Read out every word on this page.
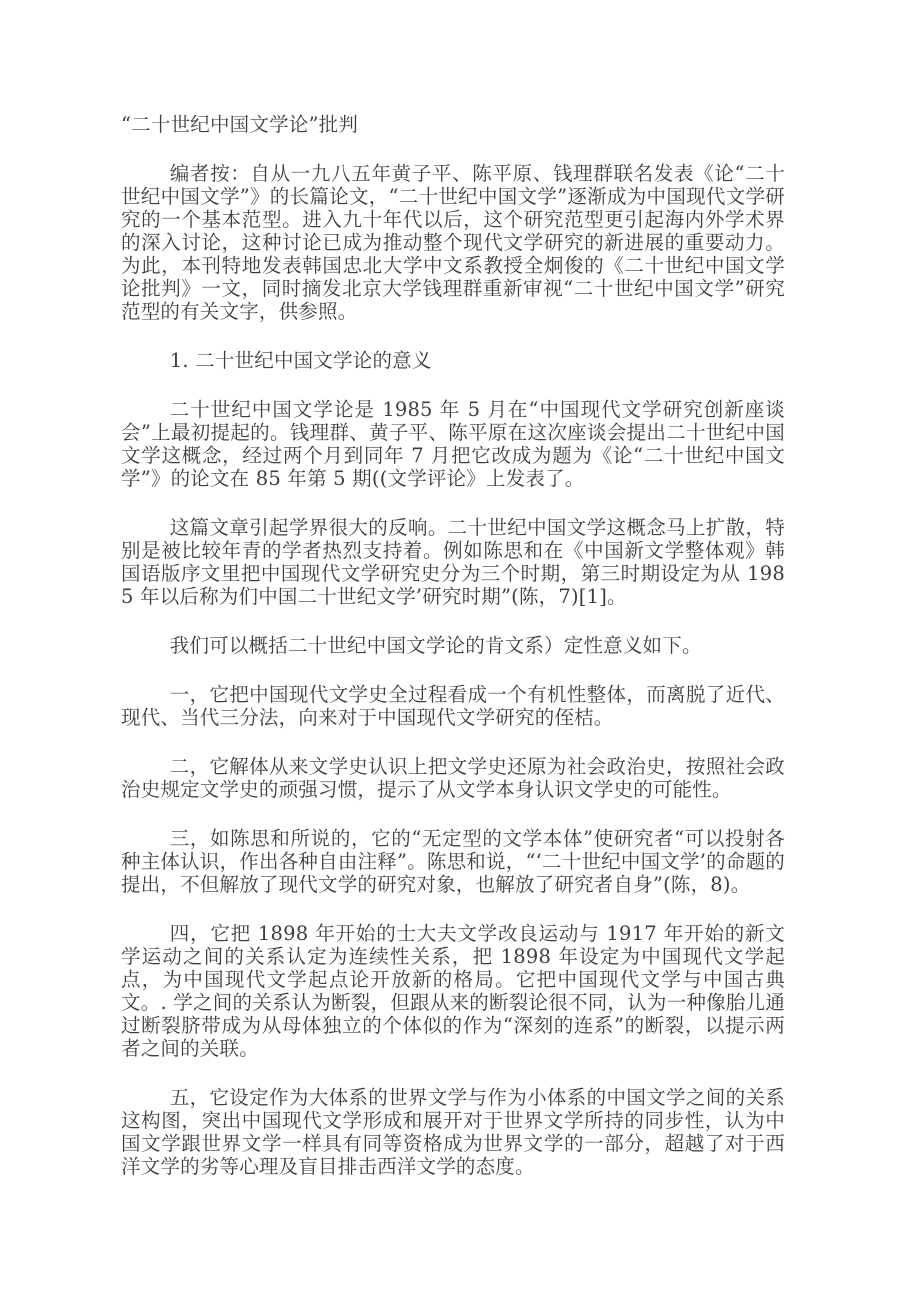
“二十世纪中国文学论”批判

编者按：自从一九八五年黄子平、陈平原、钱理群联名发表《论“二十世纪中国文学”》的长篇论文，“二十世纪中国文学”逐渐成为中国现代文学研究的一个基本范型。进入九十年代以后，这个研究范型更引起海内外学术界的深入讨论，这种讨论已成为推动整个现代文学研究的新进展的重要动力。为此，本刊特地发表韩国忠北大学中文系教授全炯俊的《二十世纪中国文学论批判》一文，同时摘发北京大学钱理群重新审视“二十世纪中国文学”研究范型的有关文字，供参照。

1. 二十世纪中国文学论的意义

二十世纪中国文学论是 1985 年 5 月在“中国现代文学研究创新座谈会”上最初提起的。钱理群、黄子平、陈平原在这次座谈会提出二十世纪中国文学这概念，经过两个月到同年 7 月把它改成为题为《论“二十世纪中国文学”》的论文在 85 年第 5 期((文学评论》上发表了。

这篇文章引起学界很大的反响。二十世纪中国文学这概念马上扩散，特别是被比较年青的学者热烈支持着。例如陈思和在《中国新文学整体观》韩国语版序文里把中国现代文学研究史分为三个时期，第三时期设定为从 1985 年以后称为们中国二十世纪文学’研究时期”(陈，7)[1]。

我们可以概括二十世纪中国文学论的肯文系）定性意义如下。

一，它把中国现代文学史全过程看成一个有机性整体，而离脱了近代、现代、当代三分法，向来对于中国现代文学研究的侄桔。

二，它解体从来文学史认识上把文学史还原为社会政治史，按照社会政治史规定文学史的顽强习惯，提示了从文学本身认识文学史的可能性。

三，如陈思和所说的，它的“无定型的文学本体”使研究者“可以投射各种主体认识，作出各种自由注释”。陈思和说，“‘二十世纪中国文学’的命题的提出，不但解放了现代文学的研究对象，也解放了研究者自身”(陈，8)。

四，它把 1898 年开始的士大夫文学改良运动与 1917 年开始的新文学运动之间的关系认定为连续性关系，把 1898 年设定为中国现代文学起点，为中国现代文学起点论开放新的格局。它把中国现代文学与中国古典文。. 学之间的关系认为断裂，但跟从来的断裂论很不同，认为一种像胎儿通过断裂脐带成为从母体独立的个体似的作为“深刻的连系”的断裂，以提示两者之间的关联。

五，它设定作为大体系的世界文学与作为小体系的中国文学之间的关系这构图，突出中国现代文学形成和展开对于世界文学所持的同步性，认为中国文学跟世界文学一样具有同等资格成为世界文学的一部分，超越了对于西洋文学的劣等心理及盲目排击西洋文学的态度。
